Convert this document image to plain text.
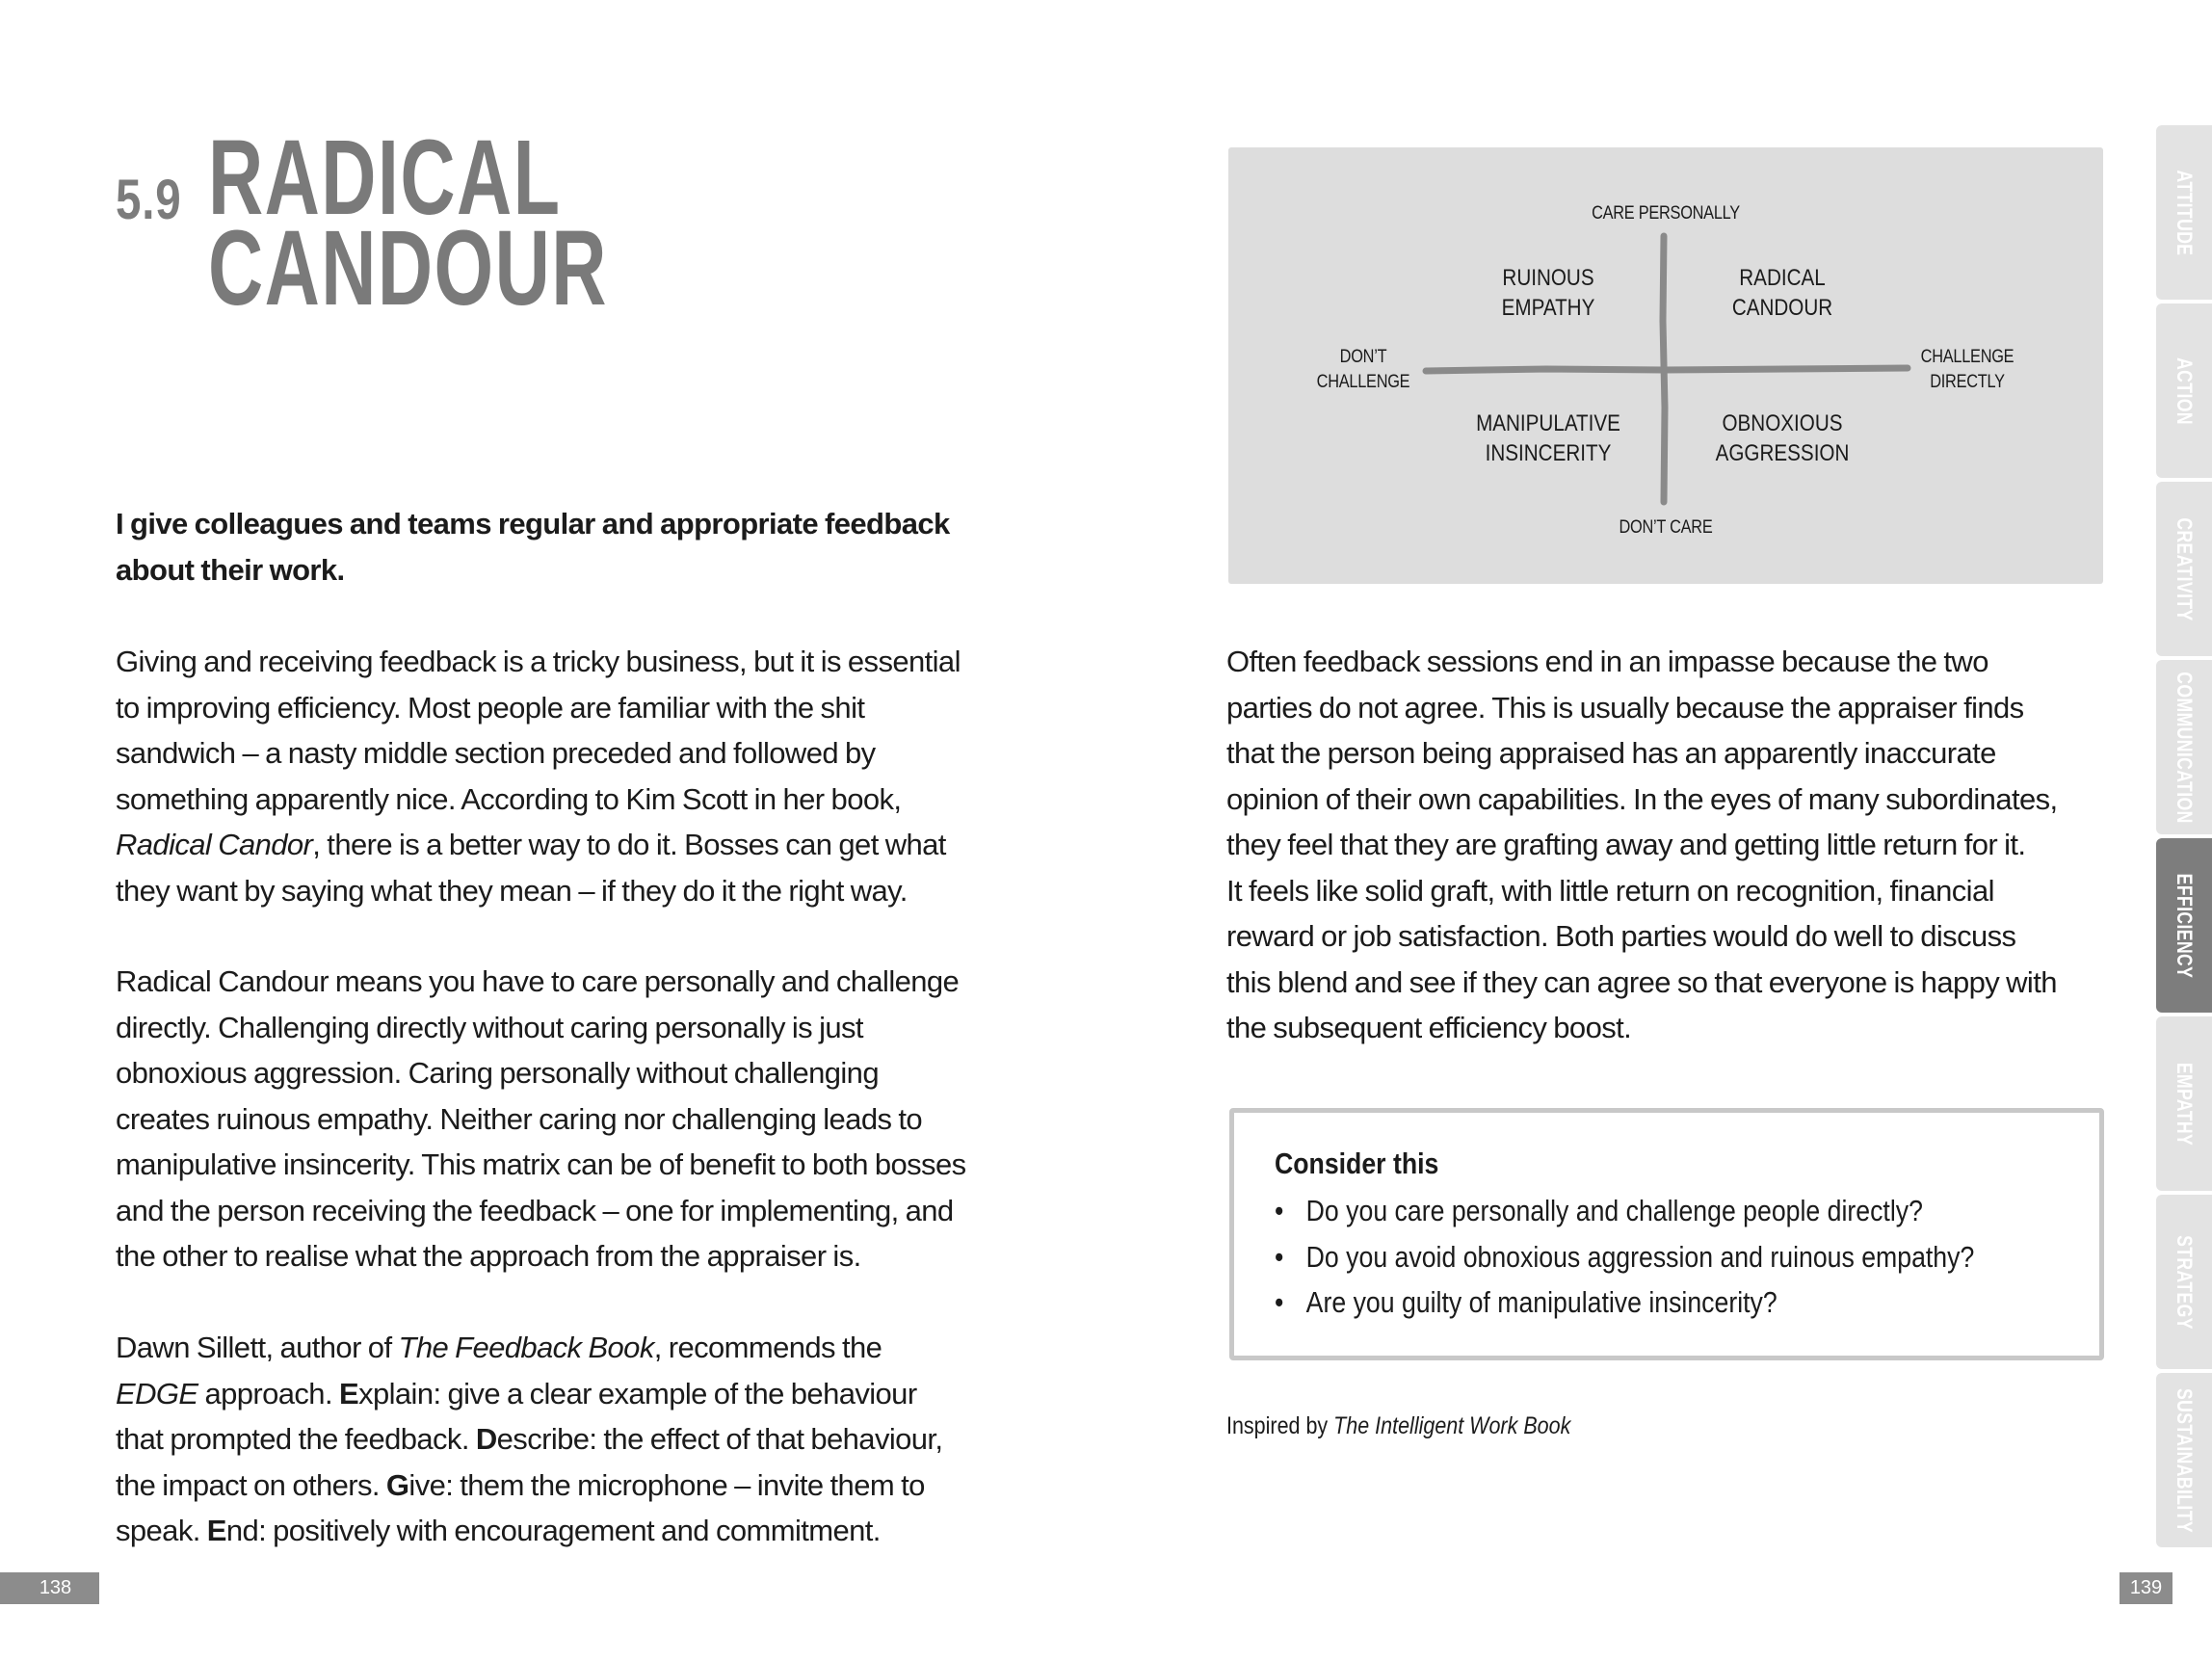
5.9 RADICAL
CANDOUR
I give colleagues and teams regular and appropriate feedback
about their work.
Giving and receiving feedback is a tricky business, but it is essential
to improving efficiency. Most people are familiar with the shit
sandwich – a nasty middle section preceded and followed by
something apparently nice. According to Kim Scott in her book,
Radical Candor, there is a better way to do it. Bosses can get what
they want by saying what they mean – if they do it the right way.
Radical Candour means you have to care personally and challenge
directly. Challenging directly without caring personally is just
obnoxious aggression. Caring personally without challenging
creates ruinous empathy. Neither caring nor challenging leads to
manipulative insincerity. This matrix can be of benefit to both bosses
and the person receiving the feedback – one for implementing, and
the other to realise what the approach from the appraiser is.
Dawn Sillett, author of The Feedback Book, recommends the
EDGE approach. Explain: give a clear example of the behaviour
that prompted the feedback. Describe: the effect of that behaviour,
the impact on others. Give: them the microphone – invite them to
speak. End: positively with encouragement and commitment.
138
CARE PERSONALLY
DON’T CARE
DON’T
CHALLENGE
CHALLENGE
DIRECTLY
RUINOUS
EMPATHY
RADICAL
CANDOUR
MANIPULATIVE
INSINCERITY
OBNOXIOUS
AGGRESSION
Often feedback sessions end in an impasse because the two
parties do not agree. This is usually because the appraiser finds
that the person being appraised has an apparently inaccurate
opinion of their own capabilities. In the eyes of many subordinates,
they feel that they are grafting away and getting little return for it.
It feels like solid graft, with little return on recognition, financial
reward or job satisfaction. Both parties would do well to discuss
this blend and see if they can agree so that everyone is happy with
the subsequent efficiency boost.
Consider this
• Do you care personally and challenge people directly?
• Do you avoid obnoxious aggression and ruinous empathy?
• Are you guilty of manipulative insincerity?
Inspired by The Intelligent Work Book
ATTITUDE
ACTION
CREATIVITY
COMMUNICATION
EFFICIENCY
EMPATHY
STRATEGY
SUSTAINABILITY
139
